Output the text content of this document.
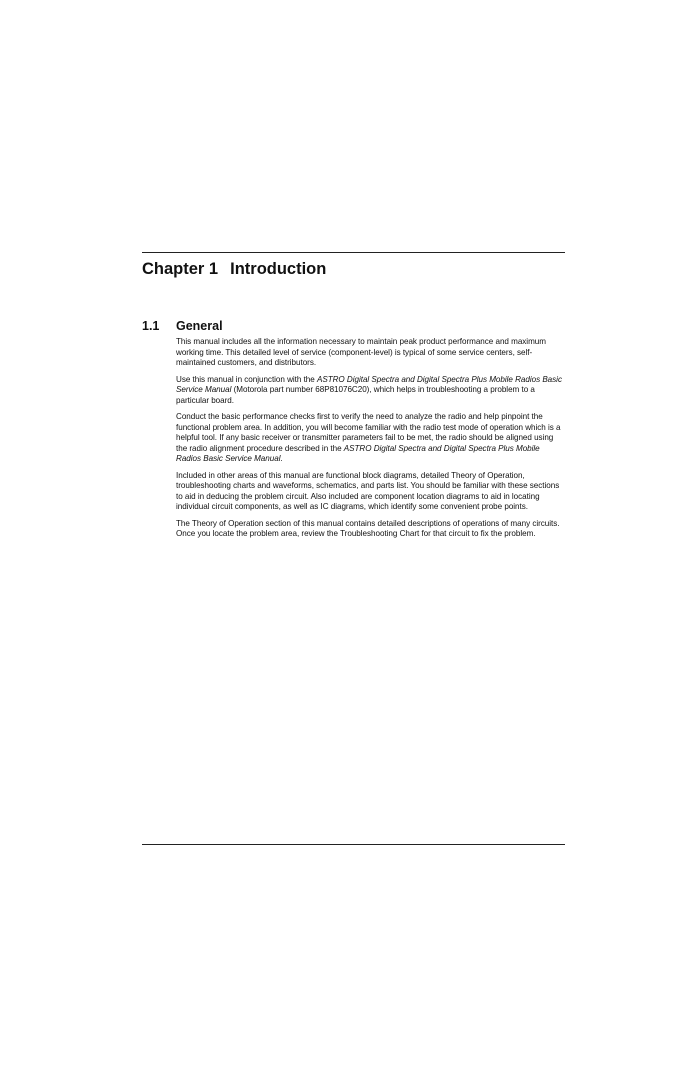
Chapter 1 Introduction
1.1 General

This manual includes all the information necessary to maintain peak product performance and maximum working time. This detailed level of service (component-level) is typical of some service centers, self-maintained customers, and distributors.

Use this manual in conjunction with the ASTRO Digital Spectra and Digital Spectra Plus Mobile Radios Basic Service Manual (Motorola part number 68P81076C20), which helps in troubleshooting a problem to a particular board.

Conduct the basic performance checks first to verify the need to analyze the radio and help pinpoint the functional problem area. In addition, you will become familiar with the radio test mode of operation which is a helpful tool. If any basic receiver or transmitter parameters fail to be met, the radio should be aligned using the radio alignment procedure described in the ASTRO Digital Spectra and Digital Spectra Plus Mobile Radios Basic Service Manual.

Included in other areas of this manual are functional block diagrams, detailed Theory of Operation, troubleshooting charts and waveforms, schematics, and parts list. You should be familiar with these sections to aid in deducing the problem circuit. Also included are component location diagrams to aid in locating individual circuit components, as well as IC diagrams, which identify some convenient probe points.

The Theory of Operation section of this manual contains detailed descriptions of operations of many circuits. Once you locate the problem area, review the Troubleshooting Chart for that circuit to fix the problem.
